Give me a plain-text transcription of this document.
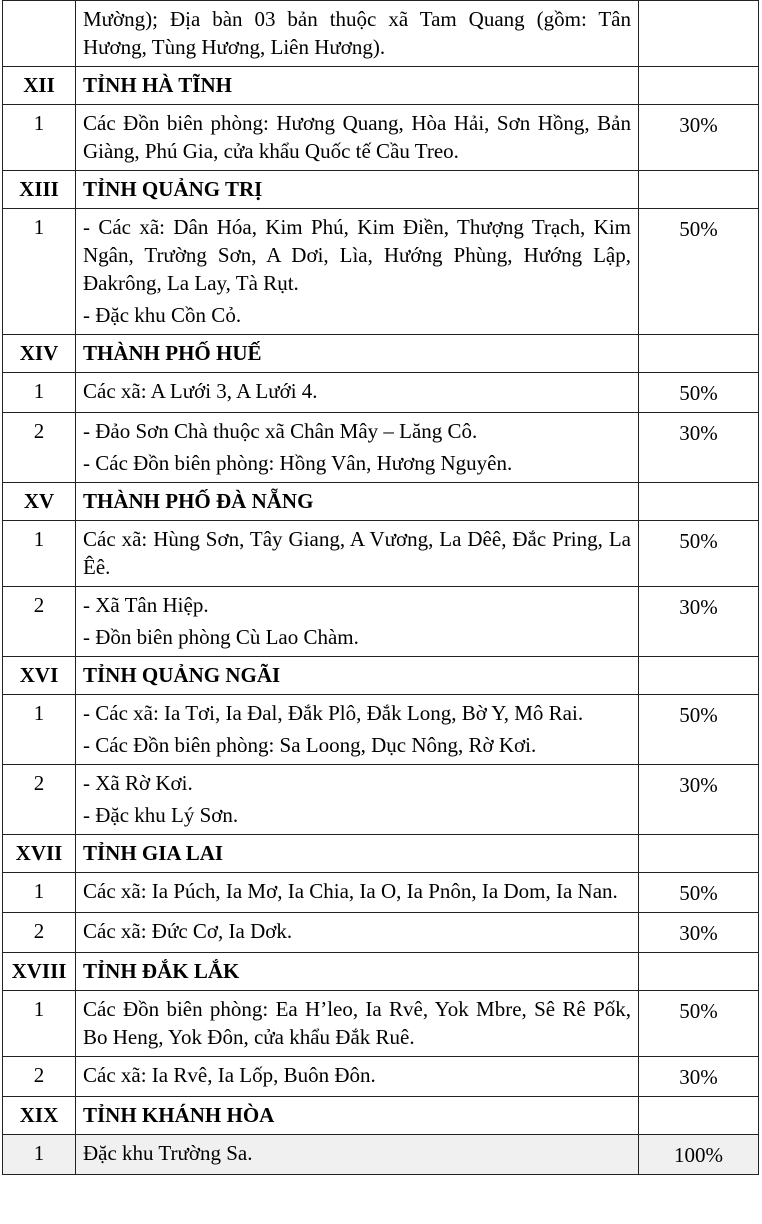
	Mường); Địa bàn 03 bản thuộc xã Tam Quang (gồm: Tân Hương, Tùng Hương, Liên Hương).	

XII	TỈNH HÀ TĨNH	

1	Các Đồn biên phòng: Hương Quang, Hòa Hải, Sơn Hồng, Bản Giàng, Phú Gia, cửa khẩu Quốc tế Cầu Treo.	30%
XIII	TỈNH QUẢNG TRỊ	

1	- Các xã: Dân Hóa, Kim Phú, Kim Điền, Thượng Trạch, Kim Ngân, Trường Sơn, A Dơi, Lìa, Hướng Phùng, Hướng Lập, Đakrông, La Lay, Tà Rụt.
- Đặc khu Cồn Cỏ.	50%
XIV	THÀNH PHỐ HUẾ	

1	Các xã: A Lưới 3, A Lưới 4.	50%
2	- Đảo Sơn Chà thuộc xã Chân Mây – Lăng Cô.
- Các Đồn biên phòng: Hồng Vân, Hương Nguyên.	30%
XV	THÀNH PHỐ ĐÀ NẴNG	

1	Các xã: Hùng Sơn, Tây Giang, A Vương, La Dêê, Đắc Pring, La Êê.	50%
2	- Xã Tân Hiệp.
- Đồn biên phòng Cù Lao Chàm.	30%
XVI	TỈNH QUẢNG NGÃI	

1	- Các xã: Ia Tơi, Ia Đal, Đắk Plô, Đắk Long, Bờ Y, Mô Rai.
- Các Đồn biên phòng: Sa Loong, Dục Nông, Rờ Kơi.	50%
2	- Xã Rờ Kơi.
- Đặc khu Lý Sơn.	30%
XVII	TỈNH GIA LAI	

1	Các xã: Ia Púch, Ia Mơ, Ia Chia, Ia O, Ia Pnôn, Ia Dom, Ia Nan.	50%
2	Các xã: Đức Cơ, Ia Dơk.	30%
XVIII	TỈNH ĐẮK LẮK	

1	Các Đồn biên phòng: Ea H’leo, Ia Rvê, Yok Mbre, Sê Rê Pốk, Bo Heng, Yok Đôn, cửa khẩu Đắk Ruê.	50%
2	Các xã: Ia Rvê, Ia Lốp, Buôn Đôn.	30%
XIX	TỈNH KHÁNH HÒA	

1	Đặc khu Trường Sa.	100%
